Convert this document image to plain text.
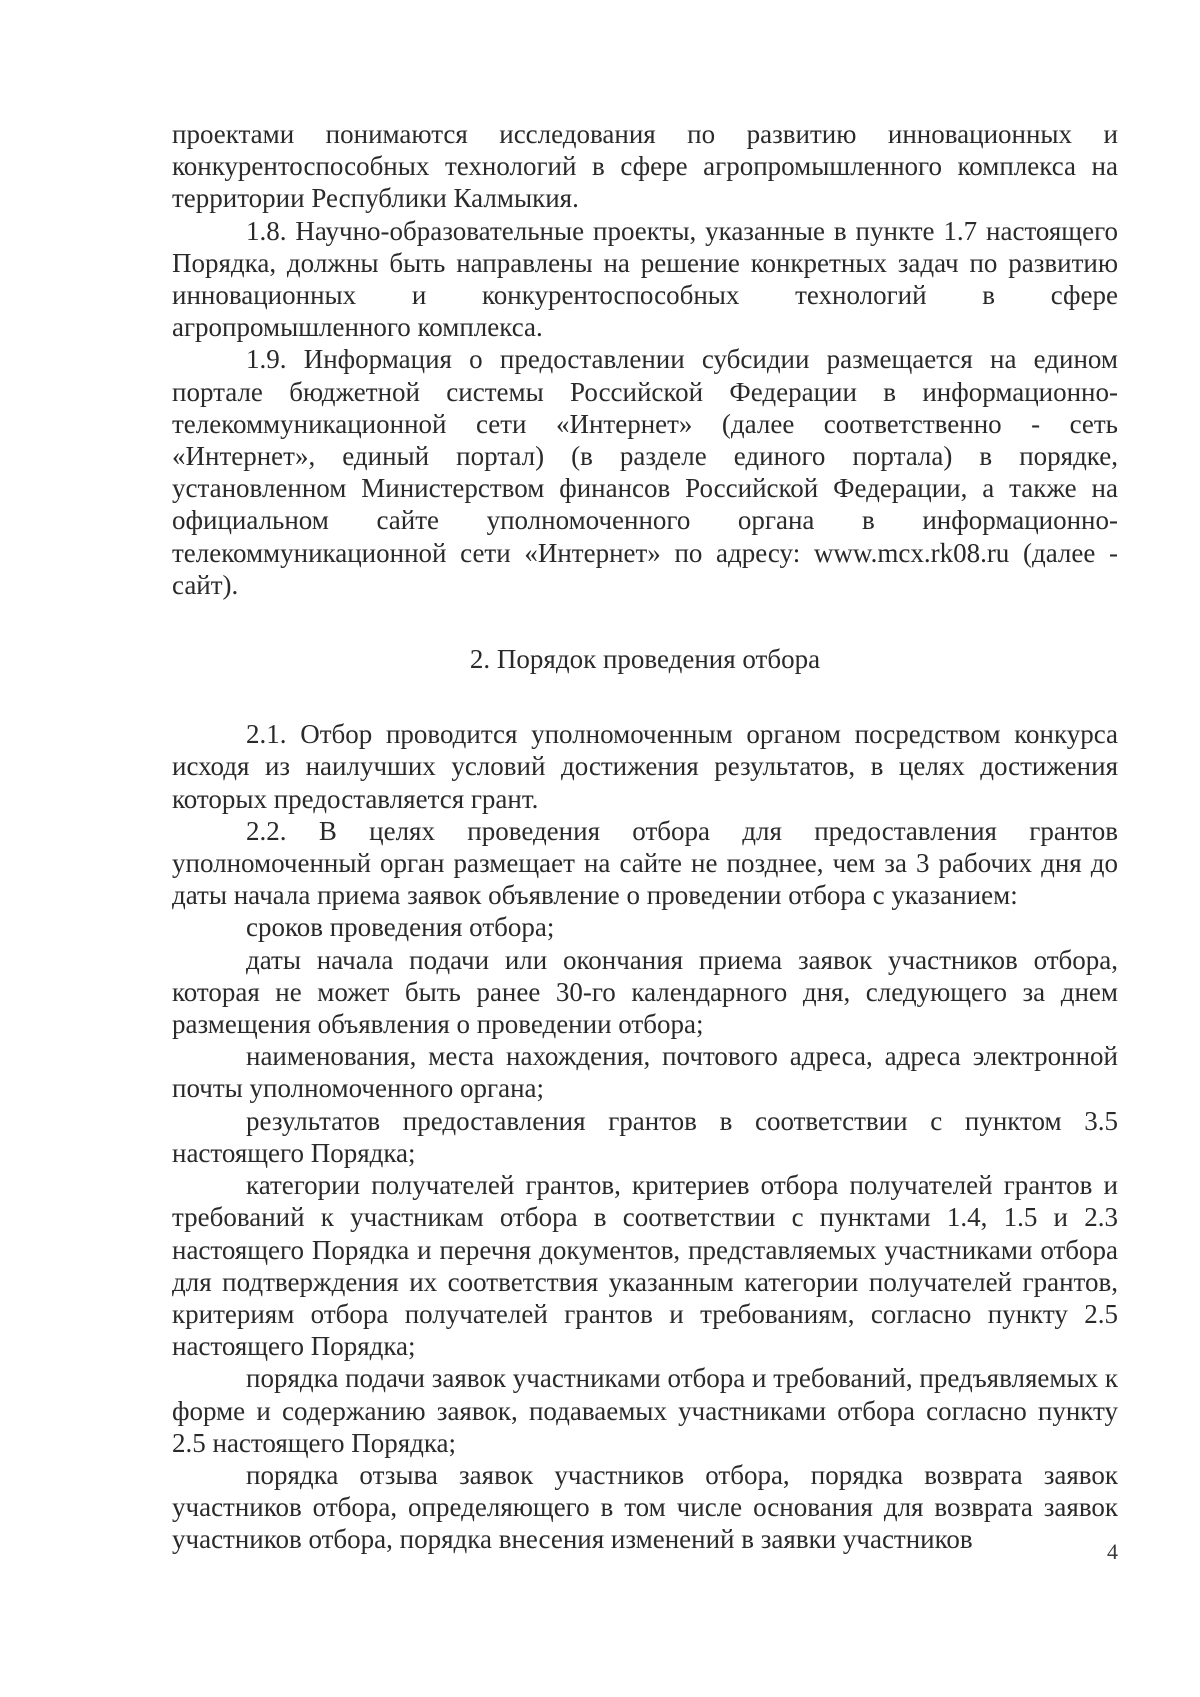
проектами понимаются исследования по развитию инновационных и конкурентоспособных технологий в сфере агропромышленного комплекса на территории Республики Калмыкия.

1.8. Научно-образовательные проекты, указанные в пункте 1.7 настоящего Порядка, должны быть направлены на решение конкретных задач по развитию инновационных и конкурентоспособных технологий в сфере агропромышленного комплекса.

1.9. Информация о предоставлении субсидии размещается на едином портале бюджетной системы Российской Федерации в информационно-телекоммуникационной сети «Интернет» (далее соответственно - сеть «Интернет», единый портал) (в разделе единого портала) в порядке, установленном Министерством финансов Российской Федерации, а также на официальном сайте уполномоченного органа в информационно-телекоммуникационной сети «Интернет» по адресу: www.mcx.rk08.ru (далее - сайт).

2. Порядок проведения отбора

2.1. Отбор проводится уполномоченным органом посредством конкурса исходя из наилучших условий достижения результатов, в целях достижения которых предоставляется грант.

2.2. В целях проведения отбора для предоставления грантов уполномоченный орган размещает на сайте не позднее, чем за 3 рабочих дня до даты начала приема заявок объявление о проведении отбора с указанием:

сроков проведения отбора;

даты начала подачи или окончания приема заявок участников отбора, которая не может быть ранее 30-го календарного дня, следующего за днем размещения объявления о проведении отбора;

наименования, места нахождения, почтового адреса, адреса электронной почты уполномоченного органа;

результатов предоставления грантов в соответствии с пунктом 3.5 настоящего Порядка;

категории получателей грантов, критериев отбора получателей грантов и требований к участникам отбора в соответствии с пунктами 1.4, 1.5 и 2.3 настоящего Порядка и перечня документов, представляемых участниками отбора для подтверждения их соответствия указанным категории получателей грантов, критериям отбора получателей грантов и требованиям, согласно пункту 2.5 настоящего Порядка;

порядка подачи заявок участниками отбора и требований, предъявляемых к форме и содержанию заявок, подаваемых участниками отбора согласно пункту 2.5 настоящего Порядка;

порядка отзыва заявок участников отбора, порядка возврата заявок участников отбора, определяющего в том числе основания для возврата заявок участников отбора, порядка внесения изменений в заявки участников	4
